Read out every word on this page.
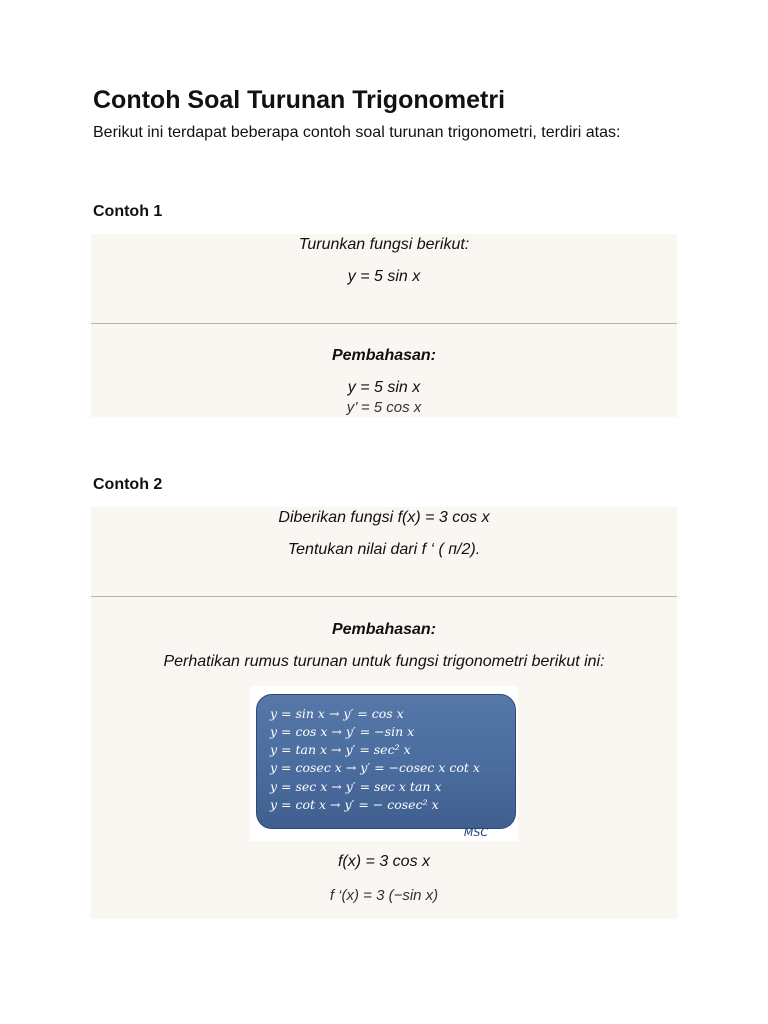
Contoh Soal Turunan Trigonometri

Berikut ini terdapat beberapa contoh soal turunan trigonometri, terdiri atas:

Contoh 1

Turunkan fungsi berikut:

y = 5 sin x

Pembahasan:

y = 5 sin x

y’ = 5 cos x

Contoh 2

Diberikan fungsi f(x) = 3 cos x

Tentukan nilai dari f ‘ ( ᴨ/2).

Pembahasan:

Perhatikan rumus turunan untuk fungsi trigonometri berikut ini:

f(x) = 3 cos x

f ‘(x) = 3 (−sin x)

y = sin x → y′ = cos x

y = cos x → y′ = −sin x

y = tan x → y′ = sec² x

y = cosec x → y′ = −cosec x cot x

y = sec x → y′ = sec x tan x

y = cot x → y′ = − cosec² x

MSC
